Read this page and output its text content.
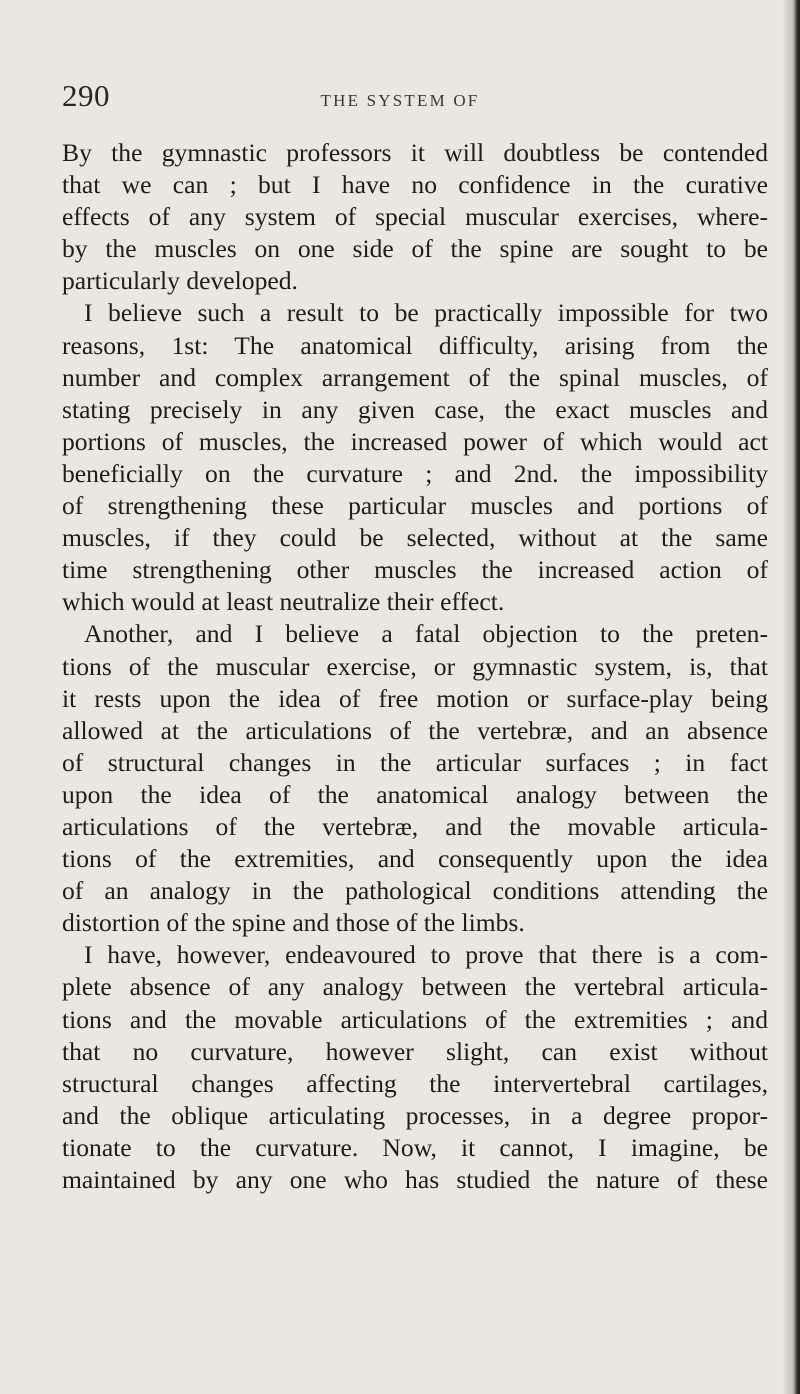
290	THE SYSTEM OF
By the gymnastic professors it will doubtless be contended
that we can ; but I have no confidence in the curative
effects of any system of special muscular exercises, where-
by the muscles on one side of the spine are sought to be
particularly developed.
I believe such a result to be practically impossible for two
reasons, 1st: The anatomical difficulty, arising from the
number and complex arrangement of the spinal muscles, of
stating precisely in any given case, the exact muscles and
portions of muscles, the increased power of which would act
beneficially on the curvature ; and 2nd. the impossibility
of strengthening these particular muscles and portions of
muscles, if they could be selected, without at the same
time strengthening other muscles the increased action of
which would at least neutralize their effect.
Another, and I believe a fatal objection to the preten-
tions of the muscular exercise, or gymnastic system, is, that
it rests upon the idea of free motion or surface-play being
allowed at the articulations of the vertebræ, and an absence
of structural changes in the articular surfaces ; in fact
upon the idea of the anatomical analogy between the
articulations of the vertebræ, and the movable articula-
tions of the extremities, and consequently upon the idea
of an analogy in the pathological conditions attending the
distortion of the spine and those of the limbs.
I have, however, endeavoured to prove that there is a com-
plete absence of any analogy between the vertebral articula-
tions and the movable articulations of the extremities ; and
that no curvature, however slight, can exist without
structural changes affecting the intervertebral cartilages,
and the oblique articulating processes, in a degree propor-
tionate to the curvature. Now, it cannot, I imagine, be
maintained by any one who has studied the nature of these
